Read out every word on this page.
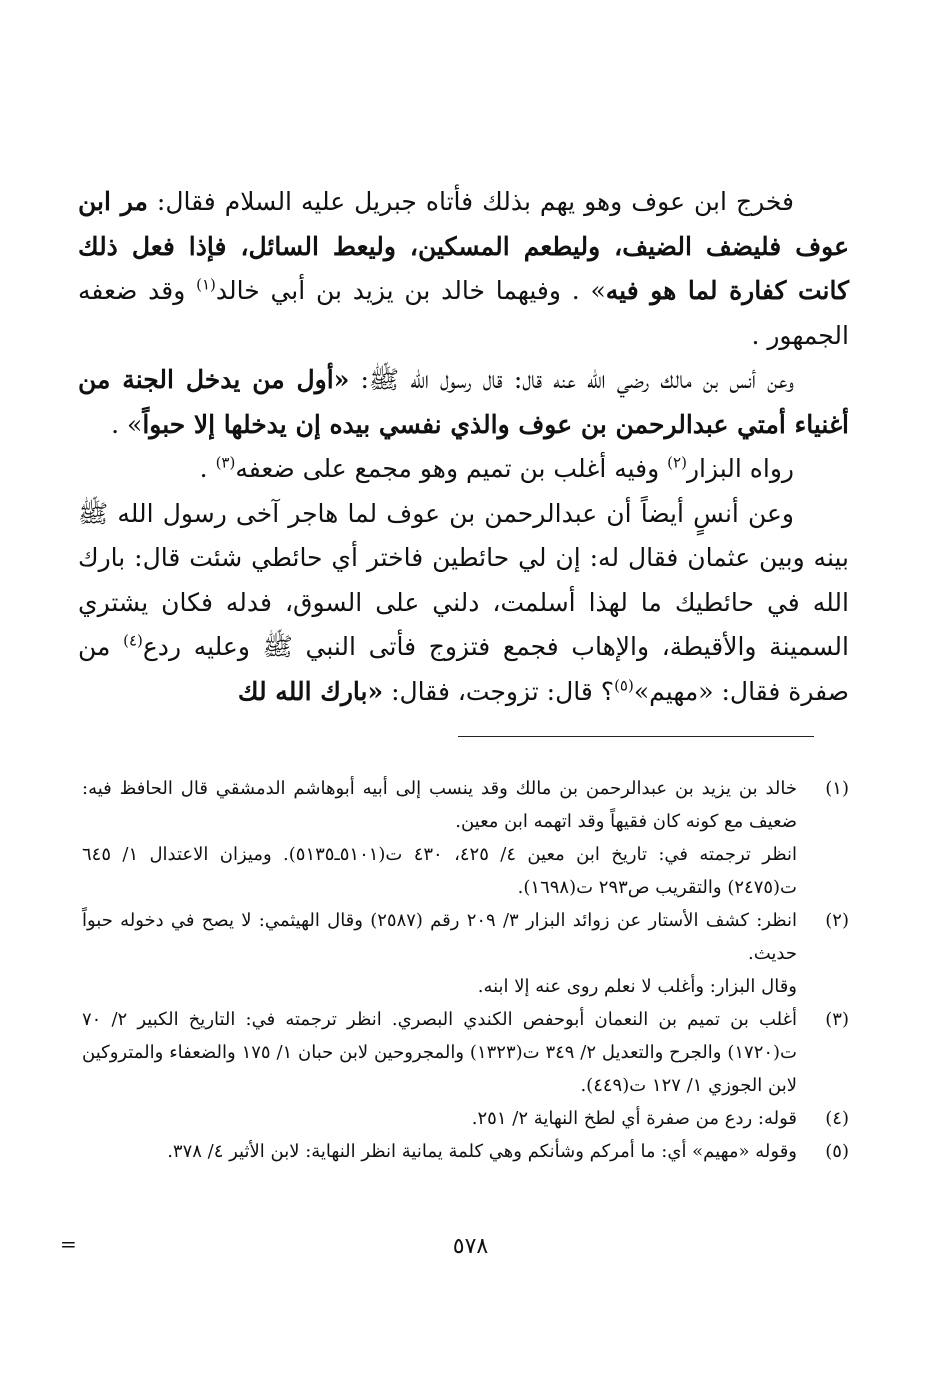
فخرج ابن عوف وهو يهم بذلك فأتاه جبريل عليه السلام فقال: مر ابن عوف فليضف الضيف، وليطعم المسكين، وليعط السائل، فإذا فعل ذلك كانت كفارة لما هو فيه» . وفيهما خالد بن يزيد بن أبي خالد$^{(١)}$ وقد ضعفه الجمهور .

وعن أنس بن مالك رضي الله عنه قال: قال رسول الله ﷺ: «أول من يدخل الجنة من أغنياء أمتي عبدالرحمن بن عوف والذي نفسي بيده إن يدخلها إلا حبواً» .

رواه البزار$^{(٢)}$ وفيه أغلب بن تميم وهو مجمع على ضعفه$^{(٣)}$ .

وعن أنسٍ أيضاً أن عبدالرحمن بن عوف لما هاجر آخى رسول الله ﷺ بينه وبين عثمان فقال له: إن لي حائطين فاختر أي حائطي شئت قال: بارك الله في حائطيك ما لهذا أسلمت، دلني على السوق، فدله فكان يشتري السمينة والأقيطة، والإهاب فجمع فتزوج فأتى النبي ﷺ وعليه ردع$^{(٤)}$ من صفرة فقال: «مهيم»$^{(٥)}$؟ قال: تزوجت، فقال: «بارك الله لك

(١)
خالد بن يزيد بن عبدالرحمن بن مالك وقد ينسب إلى أبيه أبوهاشم الدمشقي قال الحافظ فيه: ضعيف مع كونه كان فقيهاً وقد اتهمه ابن معين.

انظر ترجمته في: تاريخ ابن معين ٤/ ٤٢٥، ٤٣٠ ت(٥١٠١ـ٥١٣٥). وميزان الاعتدال ١/ ٦٤٥ ت(٢٤٧٥) والتقريب ص٢٩٣ ت(١٦٩٨).

(٢)
انظر: كشف الأستار عن زوائد البزار ٣/ ٢٠٩ رقم (٢٥٨٧) وقال الهيثمي: لا يصح في دخوله حبواً حديث.

وقال البزار: وأغلب لا نعلم روى عنه إلا ابنه.

(٣)
أغلب بن تميم بن النعمان أبوحفص الكندي البصري. انظر ترجمته في: التاريخ الكبير ٢/ ٧٠ ت(١٧٢٠) والجرح والتعديل ٢/ ٣٤٩ ت(١٣٢٣) والمجروحين لابن حبان ١/ ١٧٥ والضعفاء والمتروكين لابن الجوزي ١/ ١٢٧ ت(٤٤٩).
(٤)
قوله: ردع من صفرة أي لطخ النهاية ٢/ ٢٥١.
(٥)
وقوله «مهيم» أي: ما أمركم وشأنكم وهي كلمة يمانية انظر النهاية: لابن الأثير ٤/ ٣٧٨.
=	٥٧٨
